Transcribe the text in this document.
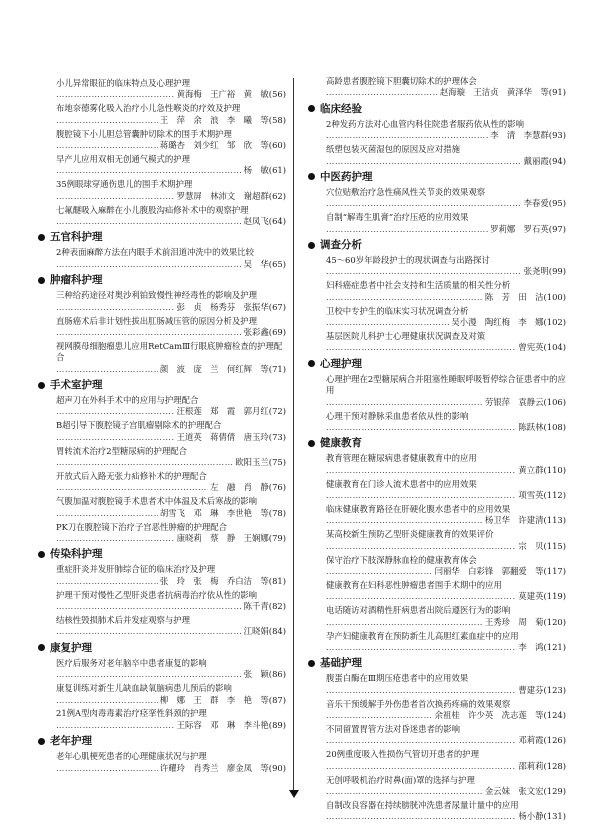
小儿异常眼征的临床特点及心理护理
……………………………………………………………………………………………………………………
黄海梅　王广裕　黄　敏(56)
布地奈德雾化吸入治疗小儿急性喉炎的疗效及护理
……………………………………………………………………………………………………………………
王　萍　余　浪　李　曦　等(58)
腹腔镜下小儿胆总管囊肿切除术的围手术期护理
……………………………………………………………………………………………………………………
蒋璐杏　刘少红　邹　欣　等(60)
早产儿应用双相无创通气模式的护理
……………………………………………………………………………………………………………………
杨　敏(61)
35例眼球穿通伤患儿的围手术期护理
……………………………………………………………………………………………………………………
罗慧屏　林沛文　谢超群(62)
七氟醚吸入麻醉在小儿腹股沟疝修补术中的观察护理
……………………………………………………………………………………………………………………
赵凤飞(64)
五官科护理
2种表面麻醉方法在内眼手术前泪道冲洗中的效果比较
……………………………………………………………………………………………………………………
吴　华(65)
肿瘤科护理
三种给药途径对奥沙利铂致慢性神经毒性的影响及护理
……………………………………………………………………………………………………………………
彭　贞　杨秀芬　张振华(67)
直肠癌术后非计划性拔出肛肠减压管的原因分析及护理
……………………………………………………………………………………………………………………
张彩鑫(69)
视网膜母细胞瘤患儿应用RetCamⅢ行眼底肿瘤检查的护理配合
……………………………………………………………………………………………………………………
颜　波　庞　兰　何红辉　等(71)
手术室护理
超声刀在外科手术中的应用与护理配合
……………………………………………………………………………………………………………………
汪根莲　郑　霞　郭月红(72)
B超引导下腹腔镜子宫肌瘤剔除术的护理配合
……………………………………………………………………………………………………………………
王道英　蒋倩倩　唐玉玲(73)
胃转流术治疗2型糖尿病的护理配合
……………………………………………………………………………………………………………………
欧阳玉兰(75)
开放式后入路无张力疝修补术的护理配合
……………………………………………………………………………………………………………………
左　融　肖　静(76)
气腹加温对腹腔镜手术患者术中体温及术后寒战的影响
……………………………………………………………………………………………………………………
胡雪飞　邓　琳　李世艳　等(78)
PK刀在腹腔镜下治疗子宫恶性肿瘤的护理配合
……………………………………………………………………………………………………………………
康晓莉　蔡　静　王娴娜(79)
传染科护理
重症肝炎并发肝肺综合征的临床治疗及护理
……………………………………………………………………………………………………………………
张　玲　张　梅　乔白洁　等(81)
护理干预对慢性乙型肝炎患者抗病毒治疗依从性的影响
……………………………………………………………………………………………………………………
陈千青(82)
结核性毁损肺术后并发症观察与护理
……………………………………………………………………………………………………………………
江晓娟(84)
康复护理
医疗后服务对老年脑卒中患者康复的影响
……………………………………………………………………………………………………………………
张　颖(86)
康复训练对新生儿缺血缺氧脑病患儿预后的影响
……………………………………………………………………………………………………………………
柳　娜　王　群　李　艳　等(87)
21例A型肉毒毒素治疗痉挛性斜颈的护理
……………………………………………………………………………………………………………………
王际容　邓　琳　李斗艳(89)
老年护理
老年心肌梗死患者的心理健康状况与护理
……………………………………………………………………………………………………………………
许耀玲　肖秀兰　廖金凤　等(90)
高龄患者腹腔镜下胆囊切除术的护理体会
……………………………………………………………………………………………………………………
赵海璇　王洁贞　黄泽华　等(91)
临床经验
2种发药方法对心血管内科住院患者服药依从性的影响
……………………………………………………………………………………………………………………
李　清　李慧群(93)
纸塑包装灭菌湿包的原因及应对措施
……………………………………………………………………………………………………………………
戴丽霞(94)
中医药护理
穴位贴敷治疗急性痛风性关节炎的效果观察
……………………………………………………………………………………………………………………
李春爱(95)
自制“解毒生肌膏”治疗压疮的应用效果
……………………………………………………………………………………………………………………
罗莉娜　罗石英(97)
调查分析
45～60岁年龄段护士的现状调查与出路探讨
……………………………………………………………………………………………………………………
张尧明(99)
妇科癌症患者中社会支持和生活质量的相关性分析
……………………………………………………………………………………………………………………
陈　芳　田　洁(100)
卫校中专护生的临床实习状况调查分析
……………………………………………………………………………………………………………………
吴小漫　陶红梅　李　娜(102)
基层医院儿科护士心理健康状况调查及对策
……………………………………………………………………………………………………………………
曾宪英(104)
心理护理
心理护理在2型糖尿病合并阻塞性睡眠呼吸暂停综合征患者中的应用
……………………………………………………………………………………………………………………
劳银萍　袁静云(106)
心理干预对静脉采血患者依从性的影响
……………………………………………………………………………………………………………………
陈跃林(108)
健康教育
教育管理在糖尿病患者健康教育中的应用
……………………………………………………………………………………………………………………
黄立群(110)
健康教育在门诊人流术患者中的应用效果
……………………………………………………………………………………………………………………
项雪英(112)
临床健康教育路径在肝硬化腹水患者中的应用效果
……………………………………………………………………………………………………………………
杨卫华　许建清(113)
某高校新生预防乙型肝炎健康教育的效果评价
……………………………………………………………………………………………………………………
宗　贝(115)
保守治疗下肢深静脉血栓的健康教育体会
……………………………………………………………………………………………………………………
闫丽华　白彩锋　郭翻爱　等(117)
健康教育在妇科恶性肿瘤患者围手术期中的应用
……………………………………………………………………………………………………………………
莫建英(119)
电话随访对酒精性肝病患者出院后遵医行为的影响
……………………………………………………………………………………………………………………
王秀珍　周　菊(120)
孕产妇健康教育在预防新生儿高胆红素血症中的应用
……………………………………………………………………………………………………………………
李　鸿(121)
基础护理
腹蛋白酶在Ⅲ期压疮患者中的应用效果
……………………………………………………………………………………………………………………
曹建芬(123)
音乐干预缓解手外伤患者首次换药疼痛的效果观察
……………………………………………………………………………………………………………………
余祖桂　许少英　冼志莲　等(124)
不同留置胃管方法对昏迷患者的影响
……………………………………………………………………………………………………………………
邓莉霞(126)
20例重度吸入性损伤气管切开患者的护理
……………………………………………………………………………………………………………………
邵莉莉(128)
无创呼吸机治疗时鼻(面)罩的选择与护理
……………………………………………………………………………………………………………………
金云妹　张文宏(129)
自制改良容器在持续膀胱冲洗患者尿量计量中的应用
……………………………………………………………………………………………………………………
杨小静(131)
